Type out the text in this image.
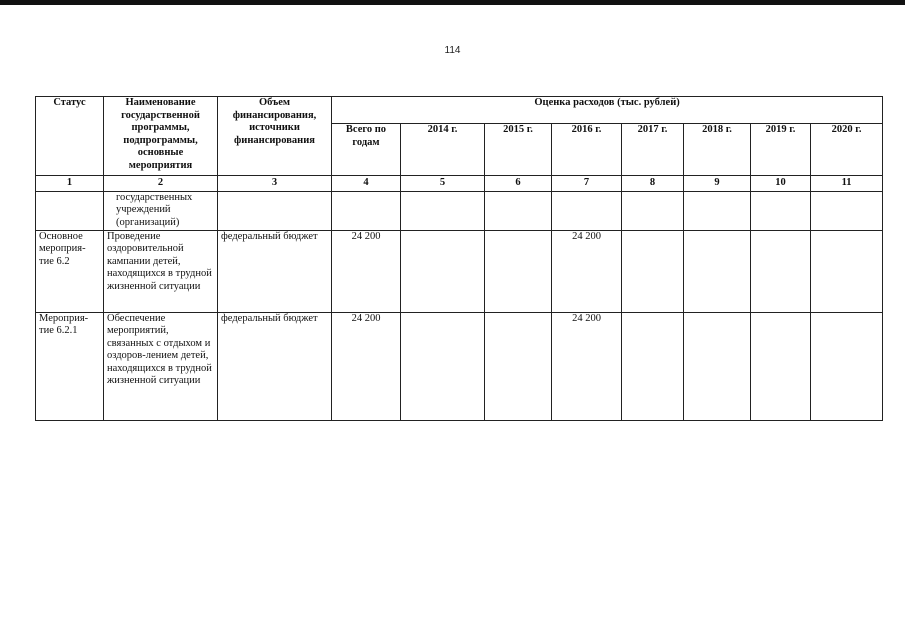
114
Статус	Наименование государственной программы, подпрограммы, основные мероприятия	Объем финансирования, источники финансирования	Оценка расходов (тыс. рублей)							
			Всего по годам	2014 г.	2015 г.	2016 г.	2017 г.	2018 г.	2019 г.	2020 г.
1	2	3	4	5	6	7	8	9	10	11
	государственных учреждений (организаций)									
Основное мероприя-тие 6.2	Проведение оздоровительной кампании детей, находящихся в трудной жизненной ситуации	федеральный бюджет	24 200			24 200				
Мероприя-тие 6.2.1	Обеспечение мероприятий, связанных с отдыхом и оздоров-лением детей, находящихся в трудной жизненной ситуации	федеральный бюджет	24 200			24 200				
